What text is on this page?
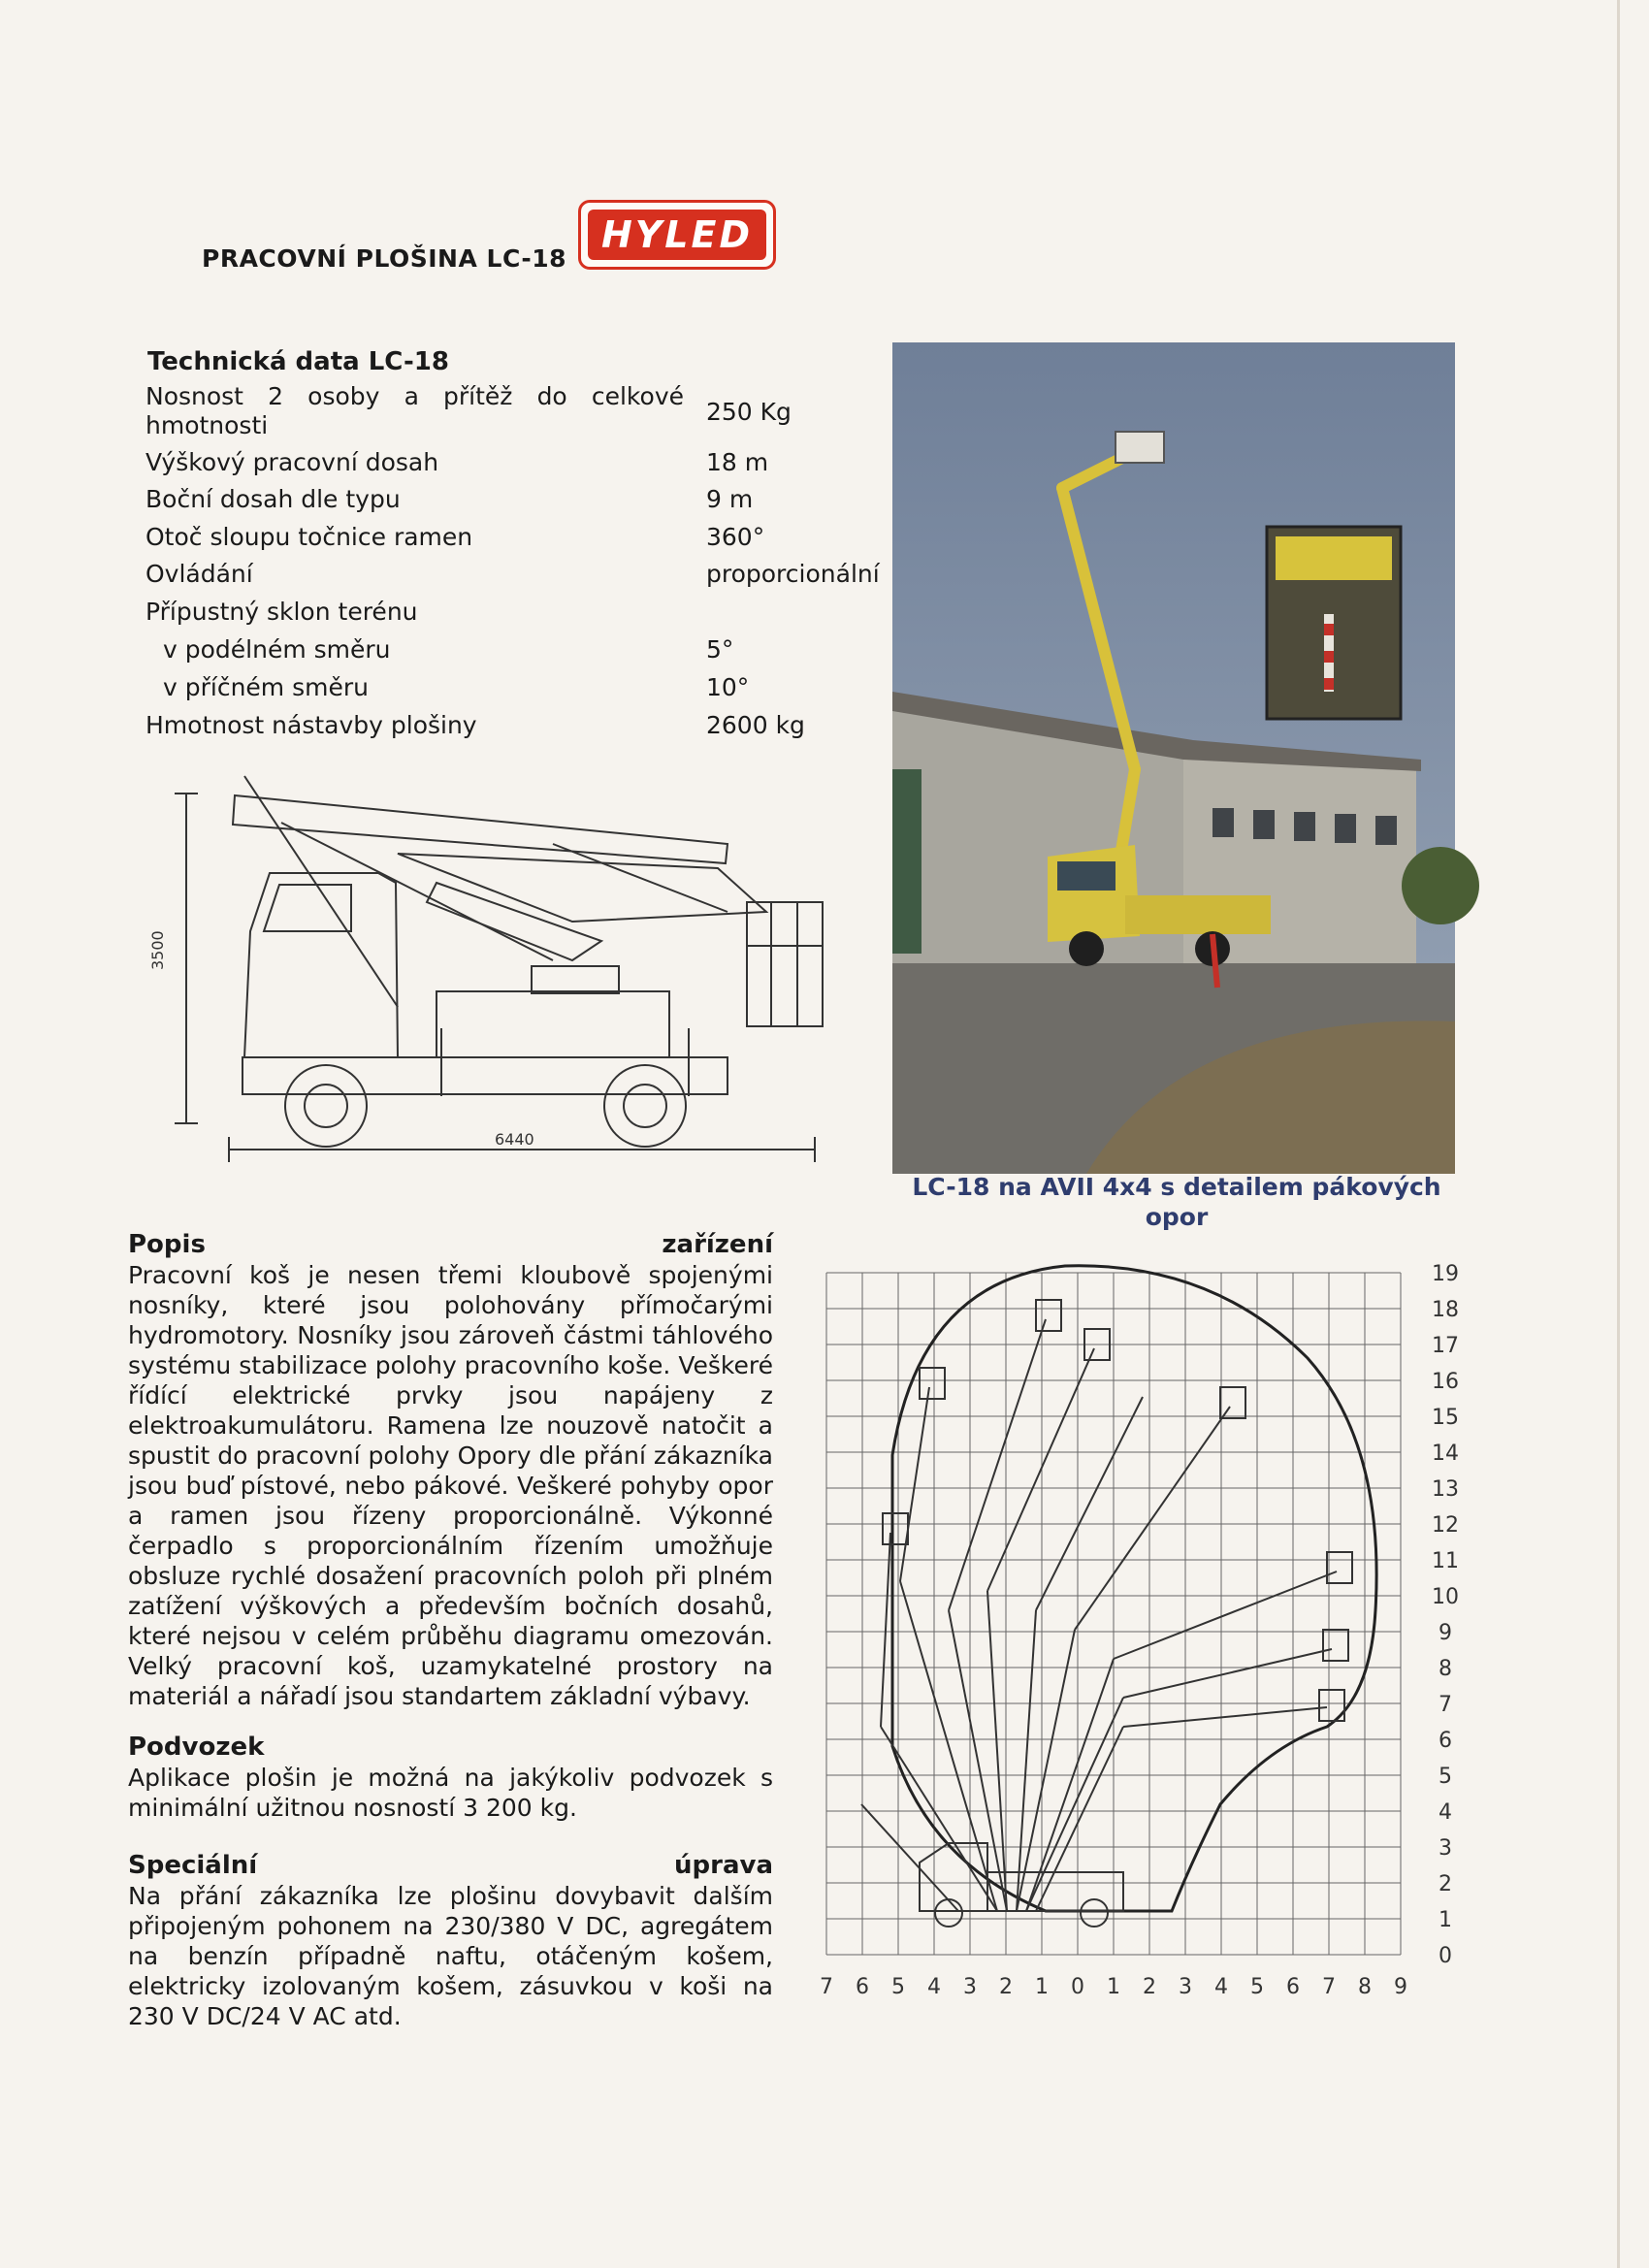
PRACOVNÍ PLOŠINA LC-18
HYLED
Technická data LC-18
Nosnost 2 osoby a přítěž do celkové hmotnosti	250 Kg
Výškový pracovní dosah	18 m
Boční dosah dle typu	9 m
Otoč sloupu točnice ramen	360°
Ovládání	proporcionální
Přípustný sklon terénu
v podélném směru	5°
v příčném směru	10°
Hmotnost nástavby plošiny	2600 kg
3500
6440
LC-18 na AVII 4x4 s detailem pákových opor
Popis	zařízení

Pracovní koš je nesen třemi kloubově spojenými nosníky, které jsou polohovány přímočarými hydromotory. Nosníky jsou zároveň částmi táhlového systému stabilizace polohy pracovního koše. Veškeré řídící elektrické prvky jsou napájeny z elektroakumulátoru. Ramena lze nouzově natočit a spustit do pracovní polohy Opory dle přání zákazníka jsou buď pístové, nebo pákové. Veškeré pohyby opor a ramen jsou řízeny proporcionálně. Výkonné čerpadlo s proporcionálním řízením umožňuje obsluze rychlé dosažení pracovních poloh při plném zatížení výškových a především bočních dosahů, které nejsou v celém průběhu diagramu omezován. Velký pracovní koš, uzamykatelné prostory na materiál a nářadí jsou standartem základní výbavy.

Podvozek

Aplikace plošin je možná na jakýkoliv podvozek s minimální užitnou nosností 3 200 kg.

Speciální	úprava

Na přání zákazníka lze plošinu dovybavit dalším připojeným pohonem na 230/380 V DC, agregátem na benzín případně naftu, otáčeným košem, elektricky izolovaným košem, zásuvkou v koši na 230 V DC/24 V AC atd.

7 6 5 4 3 2 1 0 1 2 3 4 5 6 7 8 9
19
18
17
16
15
14
13
12
11
10
9
8
7
6
5
4
3
2
1
0
